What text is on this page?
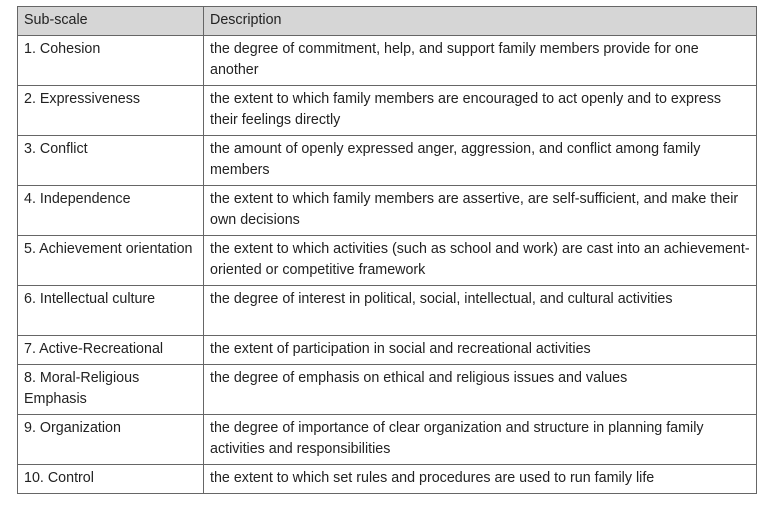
Sub-scale	Description
1. Cohesion	the degree of commitment, help, and support family members provide for one another
2. Expressiveness	the extent to which family members are encouraged to act openly and to express their feelings directly
3. Conflict	the amount of openly expressed anger, aggression, and conflict among family members
4. Independence	the extent to which family members are assertive, are self-sufficient, and make their own decisions
5. Achievement orientation	the extent to which activities (such as school and work) are cast into an achievement-oriented or competitive framework
6. Intellectual culture	the degree of interest in political, social, intellectual, and cultural activities
7. Active-Recreational	the extent of participation in social and recreational activities
8. Moral-Religious Emphasis	the degree of emphasis on ethical and religious issues and values
9. Organization	the degree of importance of clear organization and structure in planning family activities and responsibilities
10. Control	the extent to which set rules and procedures are used to run family life
